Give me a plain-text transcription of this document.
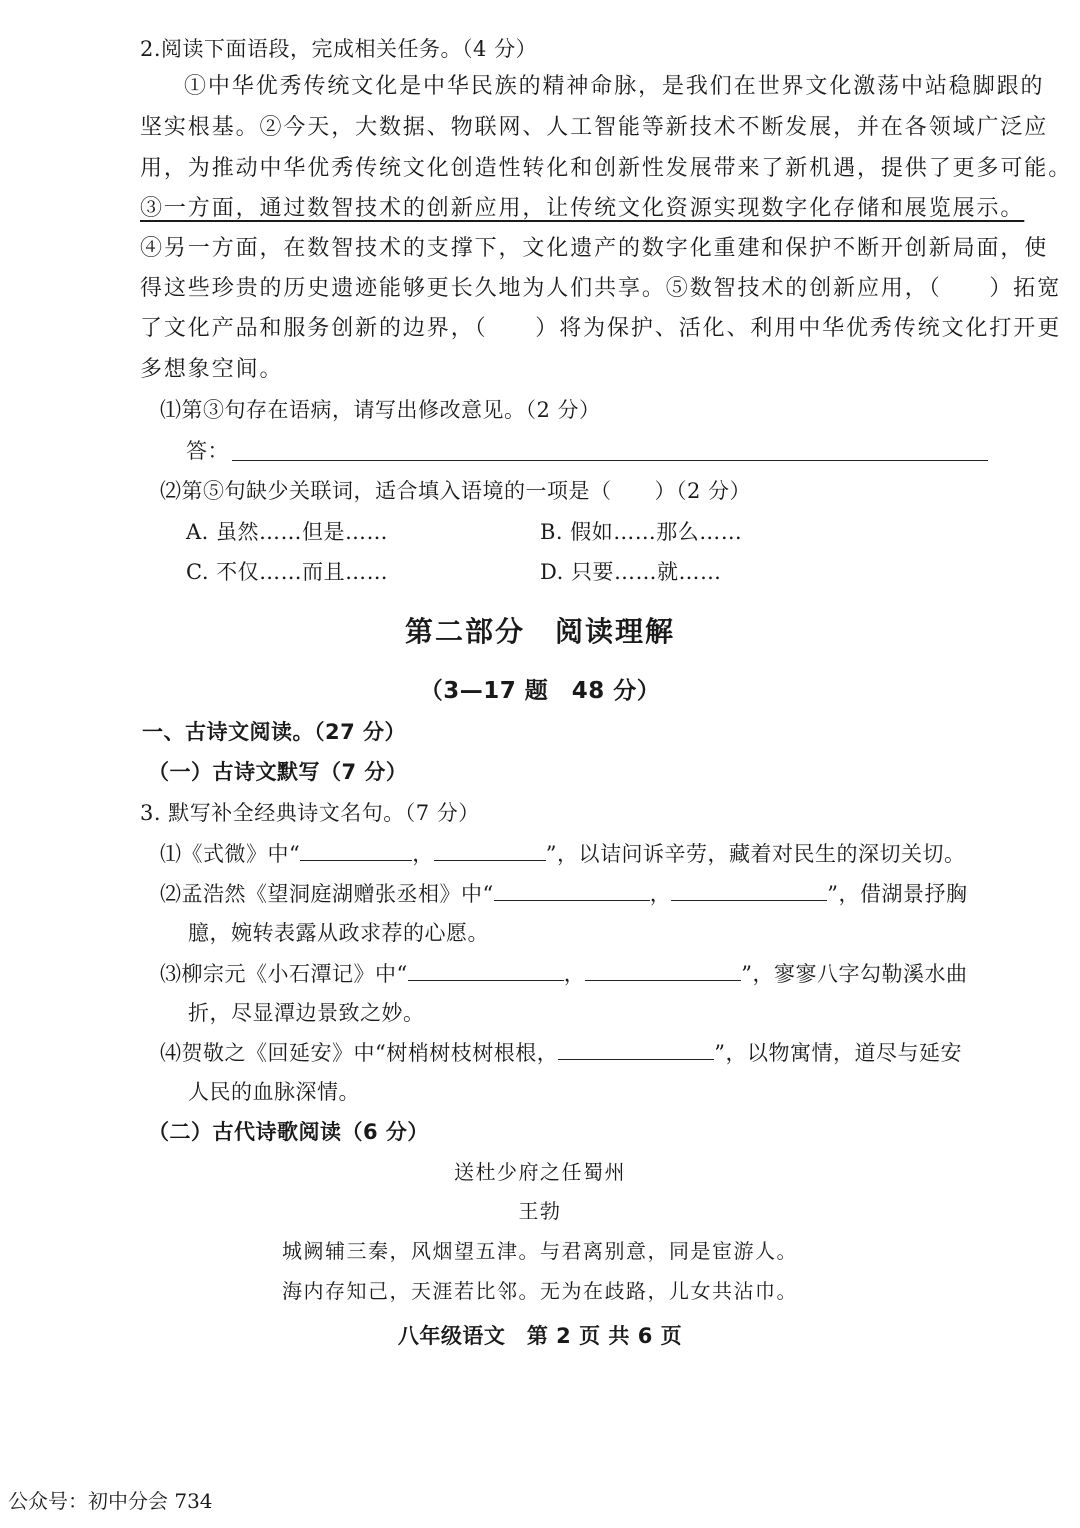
2.阅读下面语段，完成相关任务。（4 分）
①中华优秀传统文化是中华民族的精神命脉，是我们在世界文化激荡中站稳脚跟的
坚实根基。②今天，大数据、物联网、人工智能等新技术不断发展，并在各领域广泛应
用，为推动中华优秀传统文化创造性转化和创新性发展带来了新机遇，提供了更多可能。
③一方面，通过数智技术的创新应用，让传统文化资源实现数字化存储和展览展示。
④另一方面，在数智技术的支撑下，文化遗产的数字化重建和保护不断开创新局面，使
得这些珍贵的历史遗迹能够更长久地为人们共享。⑤数智技术的创新应用，（　　）拓宽
了文化产品和服务创新的边界，（　　）将为保护、活化、利用中华优秀传统文化打开更
多想象空间。
⑴第③句存在语病，请写出修改意见。（2 分）
答：
⑵第⑤句缺少关联词，适合填入语境的一项是（　　）（2 分）
A. 虽然……但是……	B. 假如……那么……
C. 不仅……而且……	D. 只要……就……
第二部分　阅读理解
（3—17 题　48 分）
一、古诗文阅读。（27 分）
（一）古诗文默写（7 分）
3. 默写补全经典诗文名句。（7 分）
⑴《式微》中“	，	”，以诘问诉辛劳，藏着对民生的深切关切。
⑵孟浩然《望洞庭湖赠张丞相》中“	，	”，借湖景抒胸
臆，婉转表露从政求荐的心愿。
⑶柳宗元《小石潭记》中“	，	”，寥寥八字勾勒溪水曲
折，尽显潭边景致之妙。
⑷贺敬之《回延安》中“树梢树枝树根根，	”，以物寓情，道尽与延安
人民的血脉深情。
（二）古代诗歌阅读（6 分）
送杜少府之任蜀州
王勃
城阙辅三秦，风烟望五津。与君离别意，同是宦游人。
海内存知己，天涯若比邻。无为在歧路，儿女共沾巾。
八年级语文　第 2 页 共 6 页
公众号：初中分会 734
